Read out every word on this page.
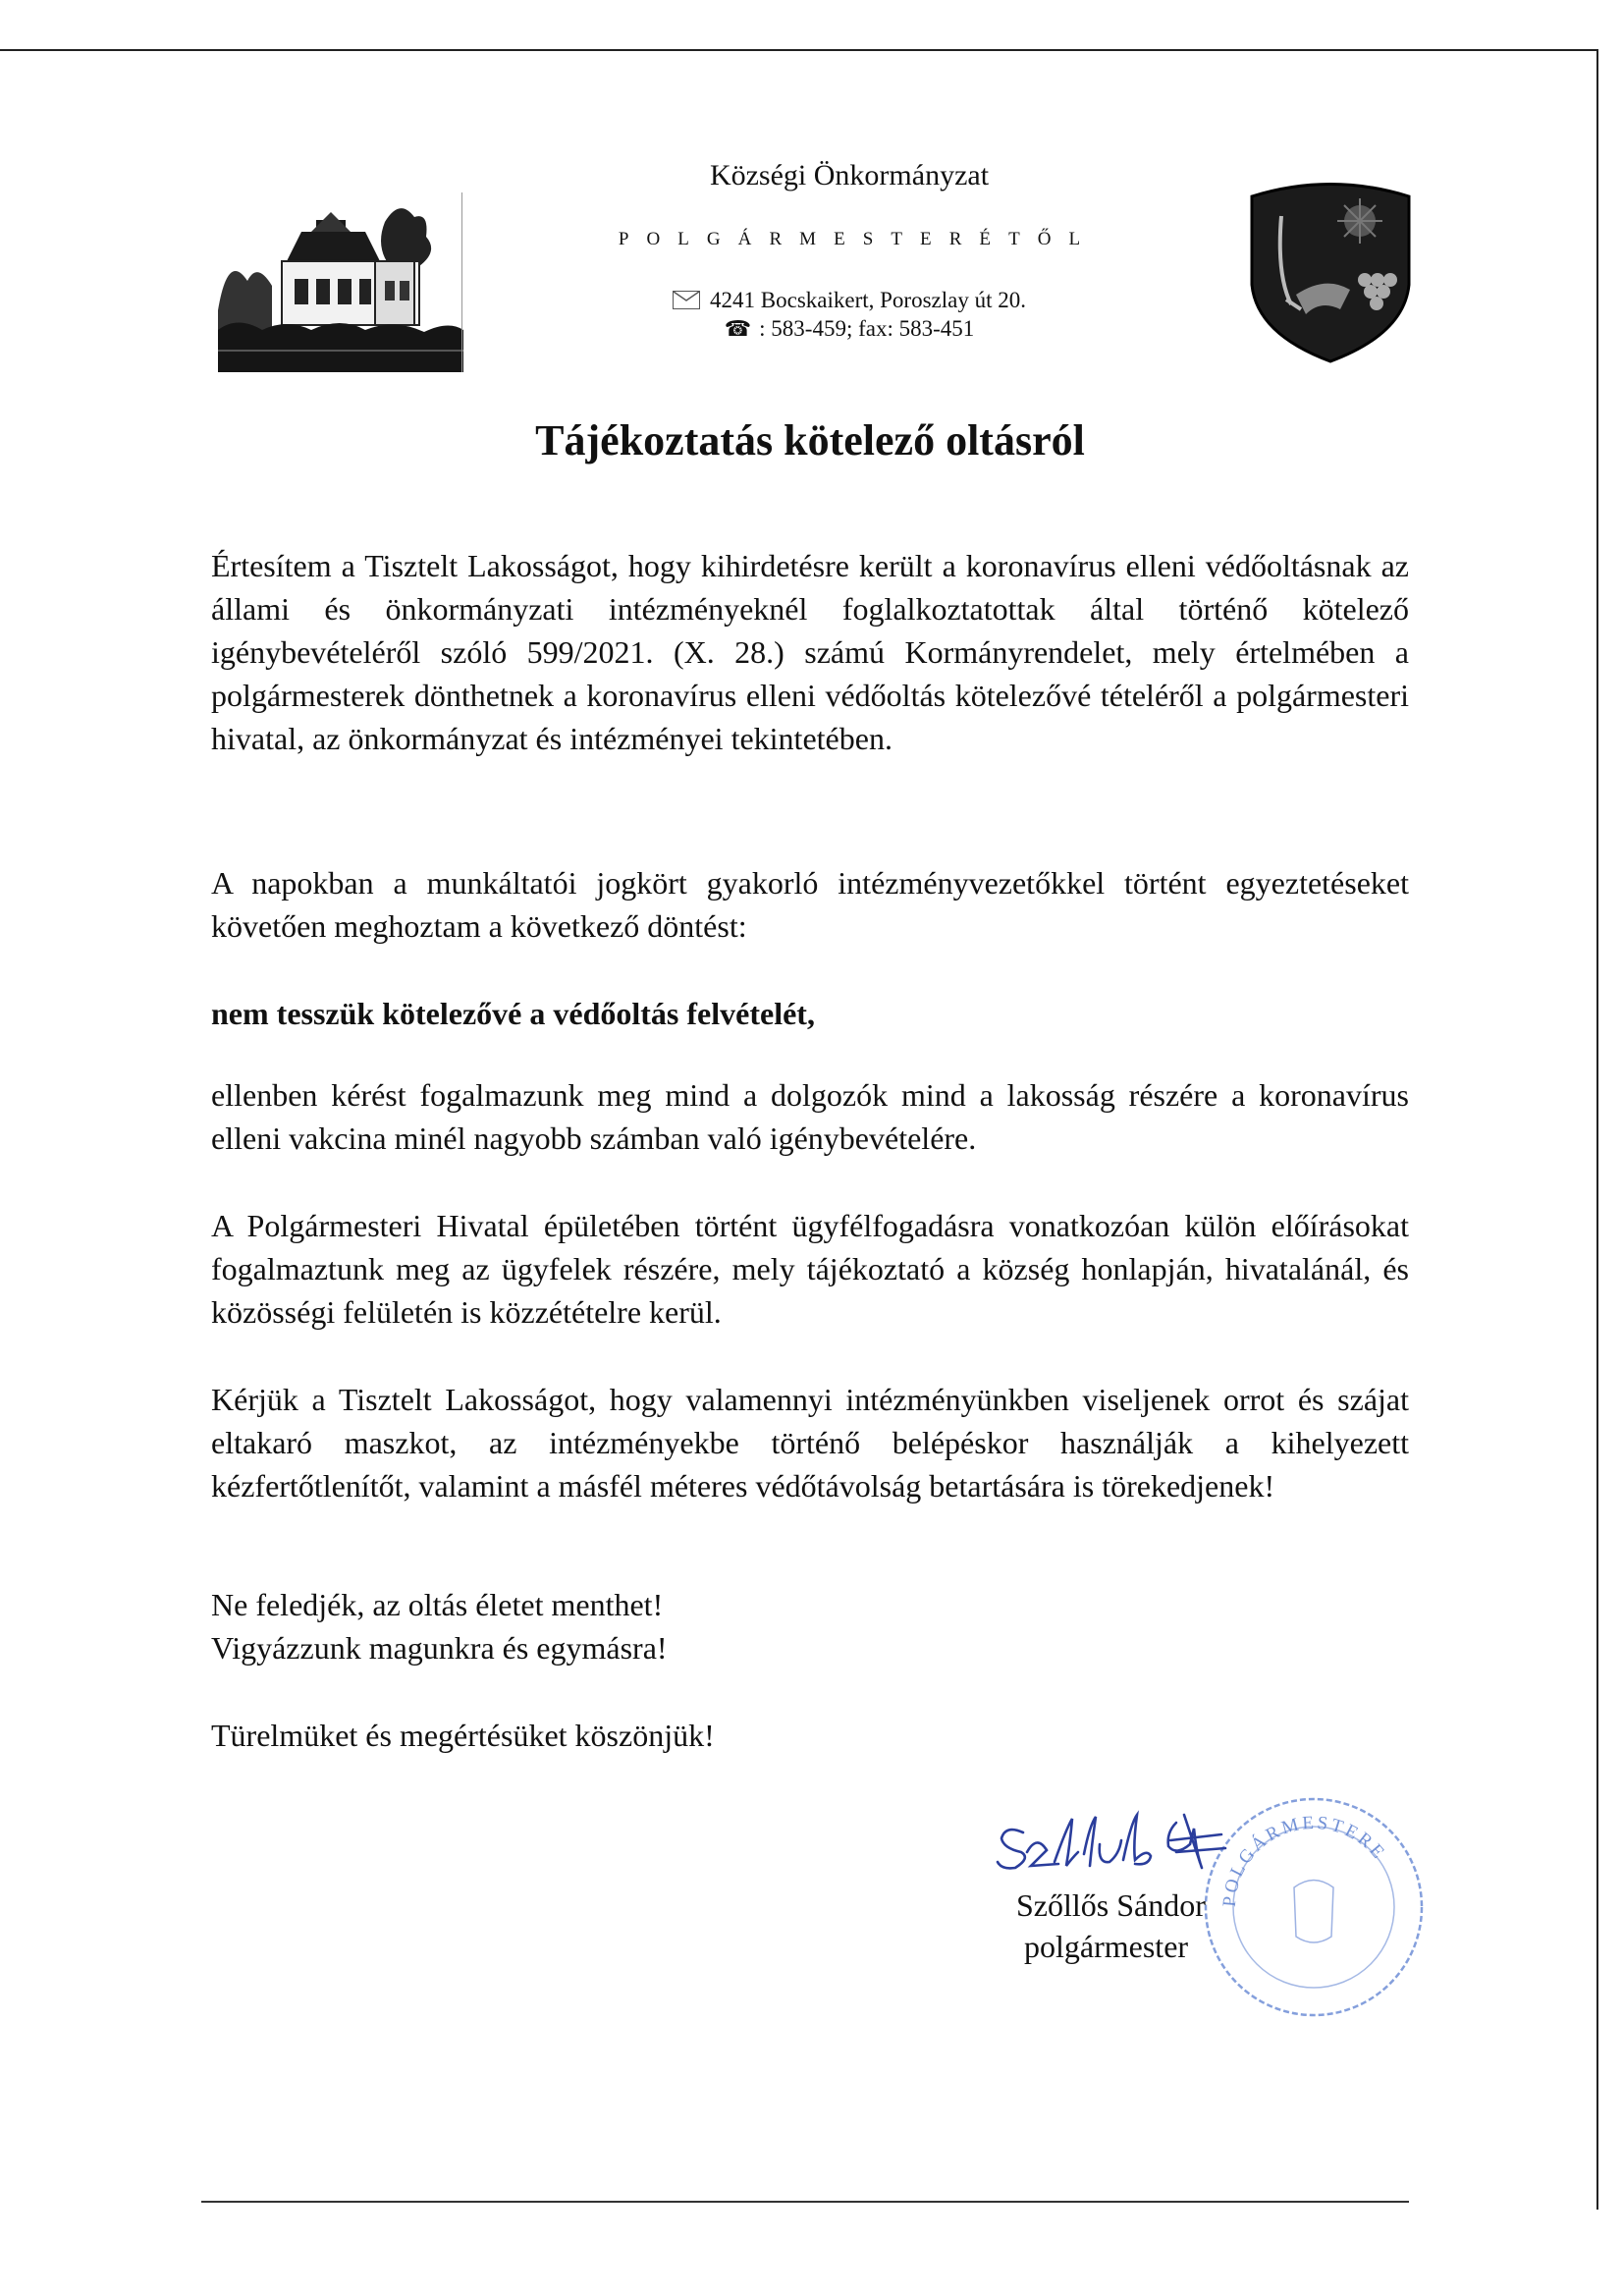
Községi Önkormányzat
POLGÁRMESTERÉTŐL
4241 Bocskaikert, Poroszlay út 20.
☎ : 583-459; fax: 583-451
Tájékoztatás kötelező oltásról

Értesítem a Tisztelt Lakosságot, hogy kihirdetésre került a koronavírus elleni védőoltásnak az állami és önkormányzati intézményeknél foglalkoztatottak által történő kötelező igénybevételéről szóló 599/2021. (X. 28.) számú Kormányrendelet, mely értelmében a polgármesterek dönthetnek a koronavírus elleni védőoltás kötelezővé tételéről a polgármesteri hivatal, az önkormányzat és intézményei tekintetében.

A napokban a munkáltatói jogkört gyakorló intézményvezetőkkel történt egyeztetéseket követően meghoztam a következő döntést:

nem tesszük kötelezővé a védőoltás felvételét,

ellenben kérést fogalmazunk meg mind a dolgozók mind a lakosság részére a koronavírus elleni vakcina minél nagyobb számban való igénybevételére.

A Polgármesteri Hivatal épületében történt ügyfélfogadásra vonatkozóan külön előírásokat fogalmaztunk meg az ügyfelek részére, mely tájékoztató a község honlapján, hivatalánál, és közösségi felületén is közzétételre kerül.

Kérjük a Tisztelt Lakosságot, hogy valamennyi intézményünkben viseljenek orrot és szájat eltakaró maszkot, az intézményekbe történő belépéskor használják a kihelyezett kézfertőtlenítőt, valamint a másfél méteres védőtávolság betartására is törekedjenek!

Ne feledjék, az oltás életet menthet!
Vigyázzunk magunkra és egymásra!

Türelmüket és megértésüket köszönjük!

POLGÁRMESTERE
Szőllős Sándor
polgármester
